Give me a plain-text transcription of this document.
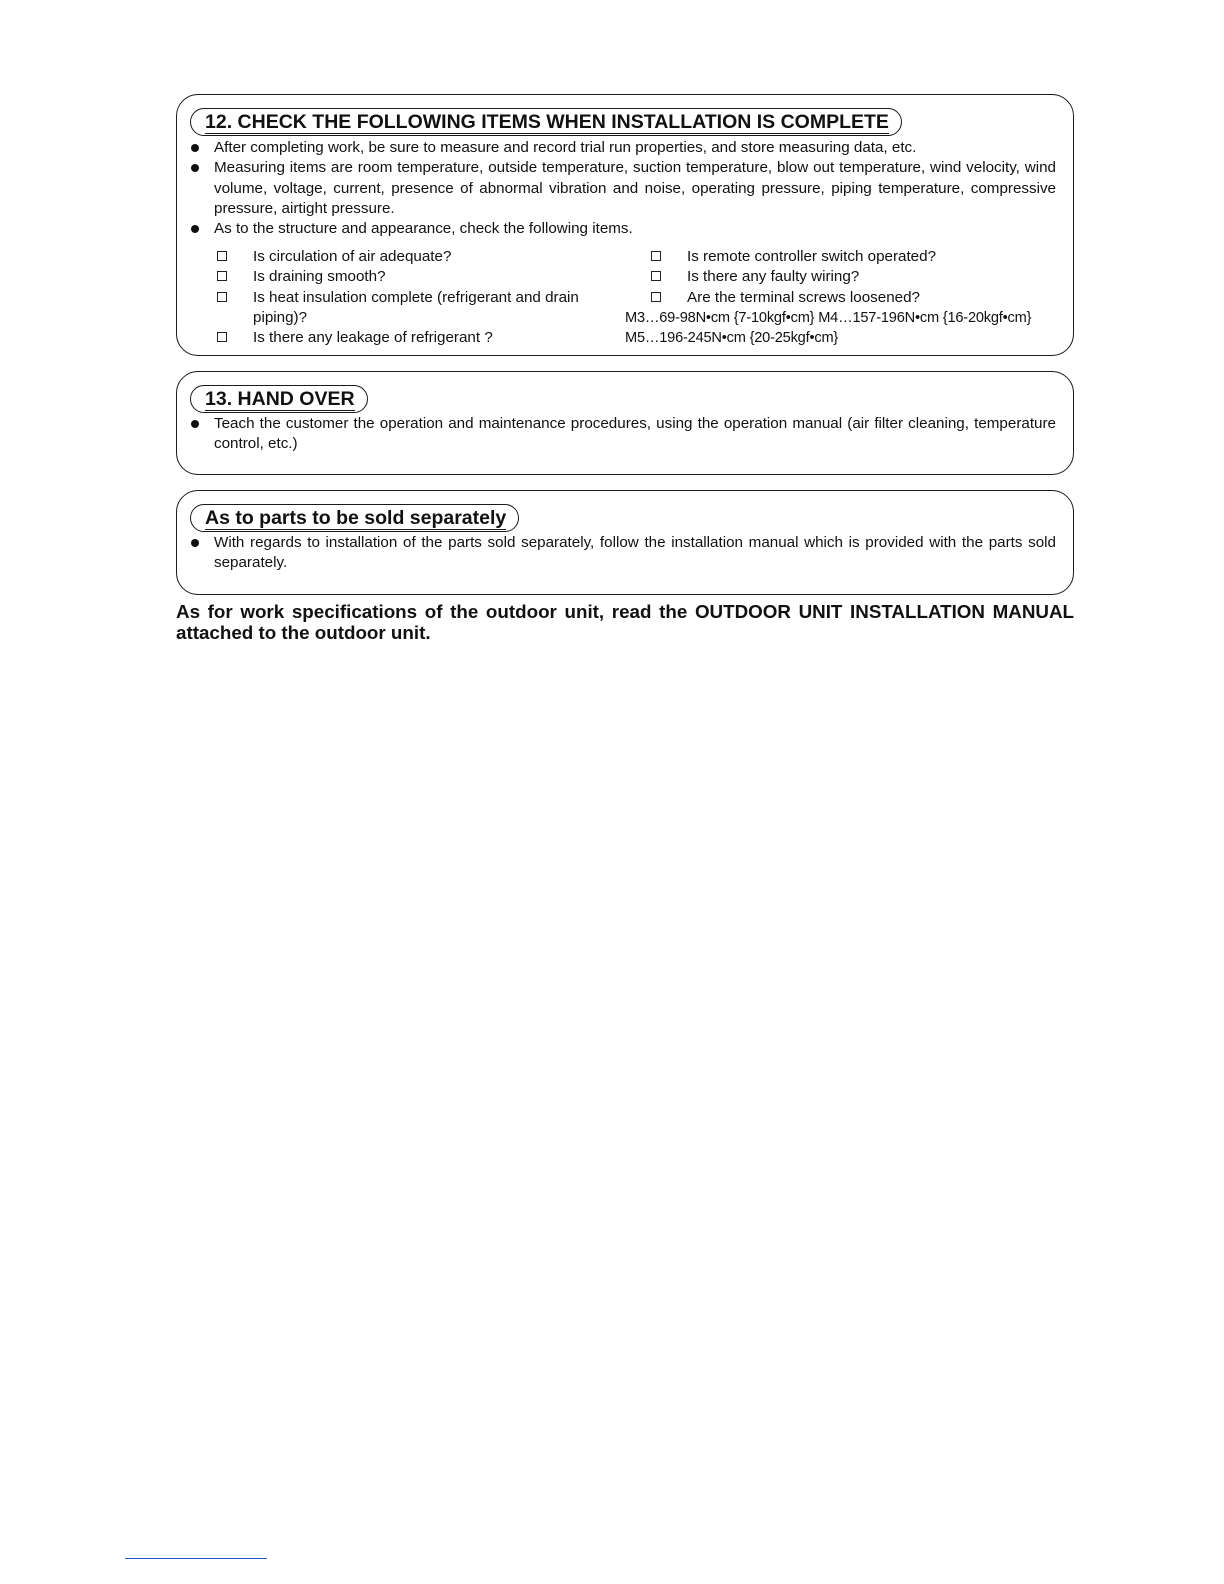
12. CHECK THE FOLLOWING ITEMS WHEN INSTALLATION IS COMPLETE
After completing work, be sure to measure and record trial run properties, and store measuring data, etc.
Measuring items are room temperature, outside temperature, suction temperature, blow out temperature, wind velocity, wind volume, voltage, current, presence of abnormal vibration and noise, operating pressure, piping temperature, compressive pressure, airtight pressure.
As to the structure and appearance, check the following items.
Is circulation of air adequate?
Is draining smooth?
Is heat insulation complete (refrigerant and drain piping)?
Is there any leakage of refrigerant ?
Is remote controller switch operated?
Is there any faulty wiring?
Are the terminal screws loosened?
M3…69-98N•cm {7-10kgf•cm} M4…157-196N•cm {16-20kgf•cm}
M5…196-245N•cm {20-25kgf•cm}
13. HAND OVER
Teach the customer the operation and maintenance procedures, using the operation manual (air filter cleaning, temperature control, etc.)
As to parts to be sold separately
With regards to installation of the parts sold separately, follow the installation manual which is provided with the parts sold separately.
As for work specifications of the outdoor unit, read the OUTDOOR UNIT INSTALLATION MANUAL attached to the outdoor unit.
